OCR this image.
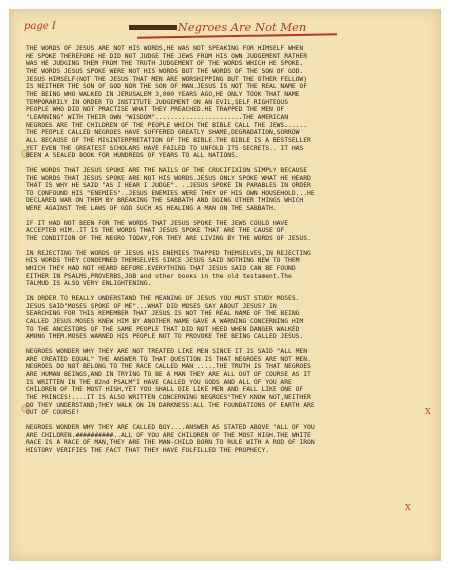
page I	Negroes Are Not Men

THE WORDS OF JESUS ARE NOT HIS WORDS,HE WAS NOT SPEAKING FOR HIMSELF WHEN
HE SPOKE THEREFORE HE DID NOT JUDGE THE JEWS FROM HIS OWN JUDGEMENT RATHER
WAS HE JUDGING THEM FROM THE TRUTH JUDGEMENT OF THE WORDS WHICH HE SPOKE.
THE WORDS JESUS SPOKE WERE NOT HIS WORDS BUT THE WORDS OF THE SON OF GOD.
JESUS HIMSELF(NOT THE JESUS THAT MEN ARE WORSHIPPING BUT THE OTHER FELLOW)
IS NEITHER THE SON OF GOD NOR THE SON OF MAN.JESUS IS NOT THE REAL NAME OF
THE BEING WHO WALKED IN JERUSALEM 3,000 YEARS AGO,HE ONLY TOOK THAT NAME
TEMPORARILY IN ORDER TO INSTITUTE JUDGEMENT ON AN EVIL,SELF RIGHTEOUS
PEOPLE WHO DID NOT PRACTISE WHAT THEY PREACHED.HE TRAPPED THE MEN OF
"LEARNING" WITH THEIR OWN "WISDOM".......................THE AMERICAN
NEGROES ARE THE CHILDREN OF THE PEOPLE WHICH THE BIBLE CALL THE JEWS......
THE PEOPLE CALLED NEGROES HAVE SUFFERED GREATLY SHAME,DEGRADATION,SORROW
ALL BECAUSE OF THE MISINTERPRETATION OF THE BIBLE.THE BIBLE IS A BESTSELLER
YET EVEN THE GREATEST SCHOLARS HAVE FAILED TO UNFOLD ITS SECRETS.. IT HAS
BEEN A SEALED BOOK FOR HUNDREDS OF YEARS TO ALL NATIONS.

THE WORDS THAT JESUS SPOKE ARE THE NAILS OF THE CRUCIFIXION SIMPLY BECAUSE
THE WORDS THAT JESUS SPOKE ARE NOT HIS WORDS.JESUS ONLY SPOKE WHAT HE HEARD
THAT IS WHY HE SAID "AS I HEAR I JUDGE". ..JESUS SPOKE IN PARABLES IN ORDER
TO CONFOUND HIS "ENEMIES"..JESUS ENEMIES WERE THEY OF HIS OWN HOUSEHOLD...HE
DECLARED WAR ON THEM BY BREAKING THE SABBATH AND DOING OTHER THINGS WHICH
WERE AGAINST THE LAWS OF GOD SUCH AS HEALING A MAN ON THE SABBATH.

IF IT HAD NOT BEEN FOR THE WORDS THAT JESUS SPOKE THE JEWS COULD HAVE
ACCEPTED HIM..IT IS THE WORDS THAT JESUS SPOKE THAT ARE THE CAUSE OF
THE CONDITION OF THE NEGRO TODAY,FOR THEY ARE LIVING BY THE WORDS OF JESUS.

IN REJECTING THE WORDS OF JESUS HIS ENEMIES TRAPPED THEMSELVES,IN REJECTING
HIS WORDS THEY CONDEMNED THEMSELVES SINCE JESUS SAID NOTHING NEW TO THEM
WHICH THEY HAD NOT HEARD BEFORE.EVERYTHING THAT JESUS SAID CAN BE FOUND
EITHER IN PSALMS,PROVERBS,JOB and other books in the old testament.The
TALMUD IS ALSO VERY ENLIGHTENING.

IN ORDER TO REALLY UNDERSTAND THE MEANING OF JESUS YOU MUST STUDY MOSES.
JESUS SAID"MOSES SPOKE OF ME"...WHAT DID MOSES SAY ABOUT JESUS? IN
SEARCHING FOR THIS REMEMBER THAT JESUS IS NOT THE REAL NAME OF THE BEING
CALLED JESUS.MOSES KNEW HIM BY ANOTHER NAME GAVE A WARNING CONCERNING HIM
TO THE ANCESTORS OF THE SAME PEOPLE THAT DID NOT HEED WHEN DANGER WALKED
AMONG THEM.MOSES WARNED HIS PEOPLE NOT TO PROVOKE THE BEING CALLED JESUS.

NEGROES WONDER WHY THEY ARE NOT TREATED LIKE MEN SINCE IT IS SAID "ALL MEN
ARE CREATED EQUAL" THE ANSWER TO THAT QUESTION IS THAT NEGROES ARE NOT MEN.
NEGROES DO NOT BELONG TO THE RACE CALLED MAN .....THE TRUTH IS THAT NEGROES
ARE HUMAN BEINGS,AND IN TRYING TO BE A MAN THEY ARE ALL OUT OF COURSE AS IT
IS WRITTEN IN THE 82nd PSALM"I HAVE CALLED YOU GODS AND ALL OF YOU ARE
CHILDREN OF THE MOST HIGH,YET YOU SHALL DIE LIKE MEN AND FALL LIKE ONE OF
THE PRINCES!....IT IS ALSO WRITTEN CONCERNING NEGROES"THEY KNOW NOT,NEITHER
DO THEY UNDERSTAND;THEY WALK ON IN DARKNESS:ALL THE FOUNDATIONS OF EARTH ARE
OUT OF COURSE!

NEGROES WONDER WHY THEY ARE CALLED BOY....ANSWER AS STATED ABOVE "ALL OF YOU
ARE CHILDREN.##########..ALL OF YOU ARE CHILDREN OF THE MOST HIGH.THE WHITE
RACE IS A RACE OF MAN,THEY ARE THE MAN-CHILD BORN TO RULE WITH A ROD OF IRON
HISTORY VERIFIES THE FACT THAT THEY HAVE FULFILLED THE PROPHECY.

X
X
